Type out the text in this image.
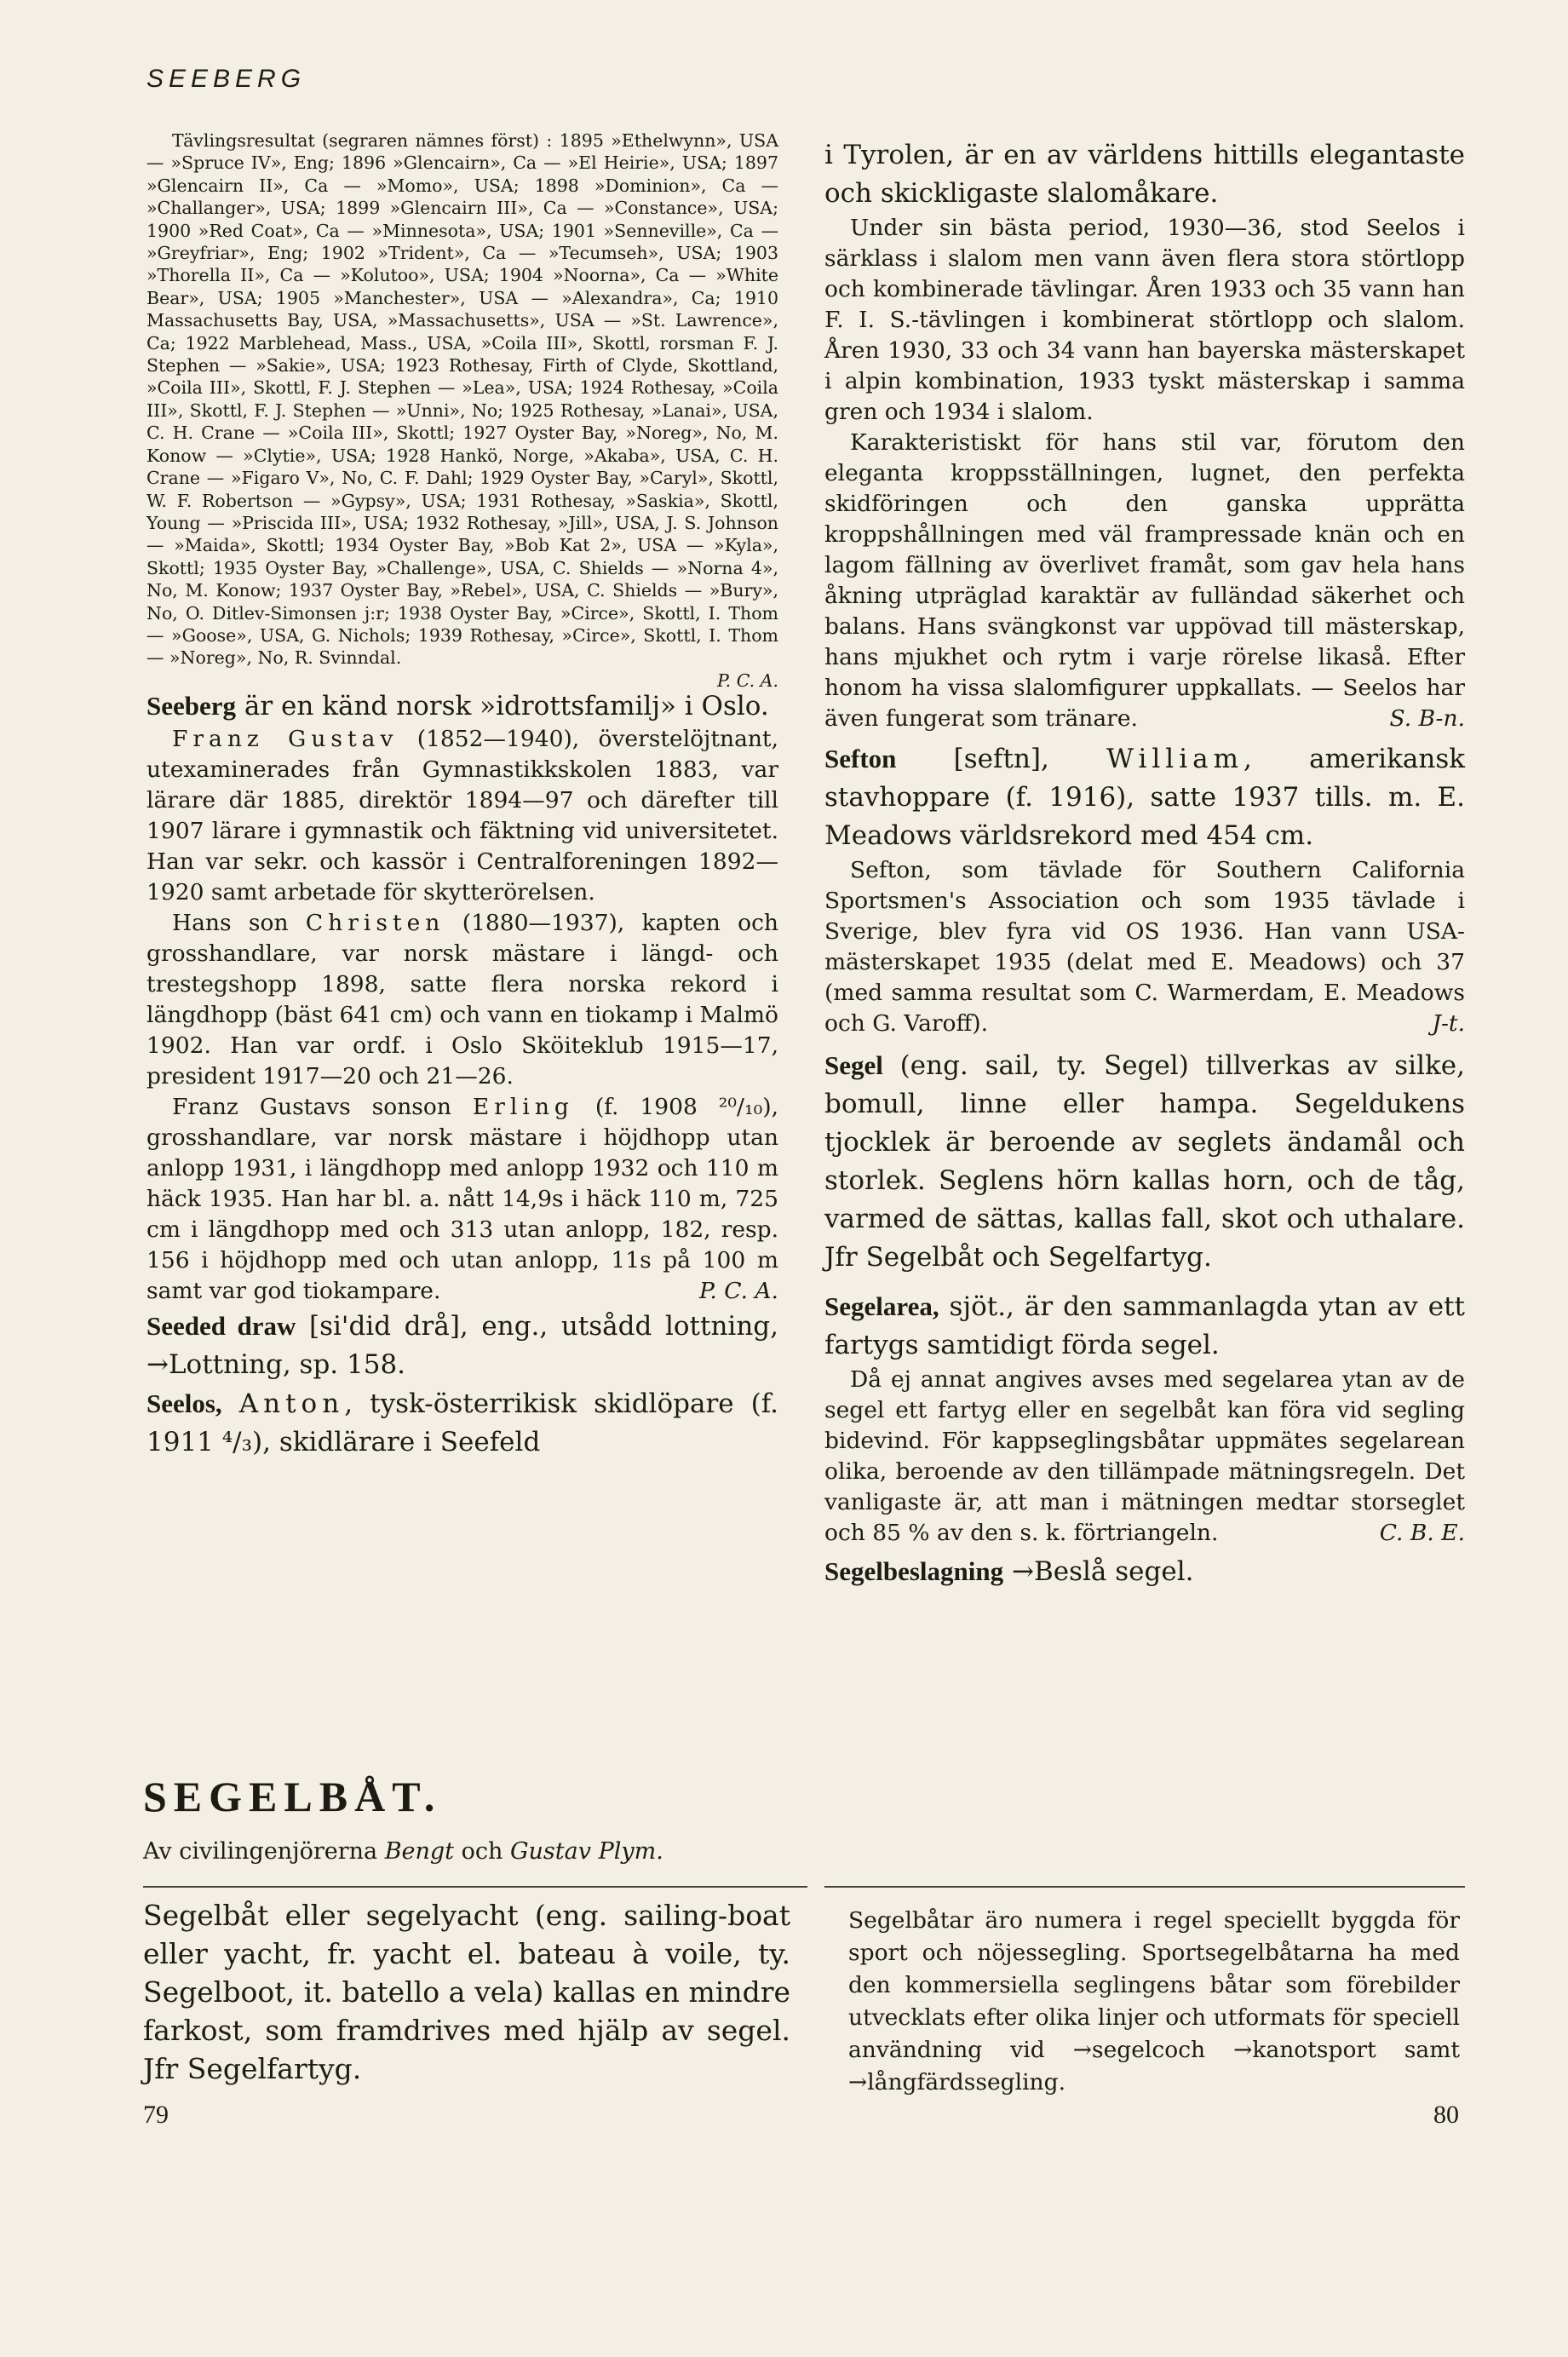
SEEBERG

Tävlingsresultat (segraren nämnes först) : 1895 »Ethelwynn», USA — »Spruce IV», Eng; 1896 »Glencairn», Ca — »El Heirie», USA; 1897 »Glencairn II», Ca — »Momo», USA; 1898 »Dominion», Ca — »Challanger», USA; 1899 »Glencairn III», Ca — »Constance», USA; 1900 »Red Coat», Ca — »Minnesota», USA; 1901 »Senneville», Ca — »Greyfriar», Eng; 1902 »Trident», Ca — »Tecumseh», USA; 1903 »Thorella II», Ca — »Kolutoo», USA; 1904 »Noorna», Ca — »White Bear», USA; 1905 »Manchester», USA — »Alexandra», Ca; 1910 Massachusetts Bay, USA, »Massachusetts», USA — »St. Lawrence», Ca; 1922 Marblehead, Mass., USA, »Coila III», Skottl, rorsman F. J. Stephen — »Sakie», USA; 1923 Rothesay, Firth of Clyde, Skottland, »Coila III», Skottl, F. J. Stephen — »Lea», USA; 1924 Rothesay, »Coila III», Skottl, F. J. Stephen — »Unni», No; 1925 Rothesay, »Lanai», USA, C. H. Crane — »Coila III», Skottl; 1927 Oyster Bay, »Noreg», No, M. Konow — »Clytie», USA; 1928 Hankö, Norge, »Akaba», USA, C. H. Crane — »Figaro V», No, C. F. Dahl; 1929 Oyster Bay, »Caryl», Skottl, W. F. Robertson — »Gypsy», USA; 1931 Rothesay, »Saskia», Skottl, Young — »Priscida III», USA; 1932 Rothesay, »Jill», USA, J. S. Johnson — »Maida», Skottl; 1934 Oyster Bay, »Bob Kat 2», USA — »Kyla», Skottl; 1935 Oyster Bay, »Challenge», USA, C. Shields — »Norna 4», No, M. Konow; 1937 Oyster Bay, »Rebel», USA, C. Shields — »Bury», No, O. Ditlev-Simonsen j:r; 1938 Oyster Bay, »Circe», Skottl, I. Thom — »Goose», USA, G. Nichols; 1939 Rothesay, »Circe», Skottl, I. Thom — »Noreg», No, R. Svinndal.
P. C. A.

Seeberg är en känd norsk »idrottsfamilj» i Oslo.

Franz Gustav (1852—1940), överstelöjtnant, utexaminerades från Gymnastikkskolen 1883, var lärare där 1885, direktör 1894—97 och därefter till 1907 lärare i gymnastik och fäktning vid universitetet. Han var sekr. och kassör i Centralforeningen 1892—1920 samt arbetade för skytterörelsen.

Hans son Christen (1880—1937), kapten och grosshandlare, var norsk mästare i längd- och trestegshopp 1898, satte flera norska rekord i längdhopp (bäst 641 cm) och vann en tiokamp i Malmö 1902. Han var ordf. i Oslo Sköiteklub 1915—17, president 1917—20 och 21—26.

Franz Gustavs sonson Erling (f. 1908 ²⁰/₁₀), grosshandlare, var norsk mästare i höjdhopp utan anlopp 1931, i längdhopp med anlopp 1932 och 110 m häck 1935. Han har bl. a. nått 14,9s i häck 110 m, 725 cm i längdhopp med och 313 utan anlopp, 182, resp. 156 i höjdhopp med och utan anlopp, 11s på 100 m samt var god tiokampare.	P. C. A.

Seeded draw [si'did drå], eng., utsådd lottning, →Lottning, sp. 158.

Seelos, Anton, tysk-österrikisk skidlöpare (f. 1911 ⁴/₃), skidlärare i Seefeld

i Tyrolen, är en av världens hittills elegantaste och skickligaste slalomåkare.

Under sin bästa period, 1930—36, stod Seelos i särklass i slalom men vann även flera stora störtlopp och kombinerade tävlingar. Åren 1933 och 35 vann han F. I. S.-tävlingen i kombinerat störtlopp och slalom. Åren 1930, 33 och 34 vann han bayerska mästerskapet i alpin kombination, 1933 tyskt mästerskap i samma gren och 1934 i slalom.

Karakteristiskt för hans stil var, förutom den eleganta kroppsställningen, lugnet, den perfekta skidföringen och den ganska upprätta kroppshållningen med väl frampressade knän och en lagom fällning av överlivet framåt, som gav hela hans åkning utpräglad karaktär av fulländad säkerhet och balans. Hans svängkonst var uppövad till mästerskap, hans mjukhet och rytm i varje rörelse likaså. Efter honom ha vissa slalomfigurer uppkallats. — Seelos har även fungerat som tränare.	S. B-n.

Sefton [seftn], William, amerikansk stavhoppare (f. 1916), satte 1937 tills. m. E. Meadows världsrekord med 454 cm.

Sefton, som tävlade för Southern California Sportsmen's Association och som 1935 tävlade i Sverige, blev fyra vid OS 1936. Han vann USA-mästerskapet 1935 (delat med E. Meadows) och 37 (med samma resultat som C. Warmerdam, E. Meadows och G. Varoff).	J-t.

Segel (eng. sail, ty. Segel) tillverkas av silke, bomull, linne eller hampa. Segeldukens tjocklek är beroende av seglets ändamål och storlek. Seglens hörn kallas horn, och de tåg, varmed de sättas, kallas fall, skot och uthalare. Jfr Segelbåt och Segelfartyg.

Segelarea, sjöt., är den sammanlagda ytan av ett fartygs samtidigt förda segel.

Då ej annat angives avses med segelarea ytan av de segel ett fartyg eller en segelbåt kan föra vid segling bidevind. För kappseglingsbåtar uppmätes segelarean olika, beroende av den tillämpade mätningsregeln. Det vanligaste är, att man i mätningen medtar storseglet och 85 % av den s. k. förtriangeln.	C. B. E.

Segelbeslagning →Beslå segel.

SEGELBÅT.
Av civilingenjörerna Bengt och Gustav Plym.

Segelbåt eller segelyacht (eng. sailing-boat eller yacht, fr. yacht el. bateau à voile, ty. Segelboot, it. batello a vela) kallas en mindre farkost, som framdrives med hjälp av segel. Jfr Segelfartyg.

Segelbåtar äro numera i regel speciellt byggda för sport och nöjessegling. Sportsegelbåtarna ha med den kommersiella seglingens båtar som förebilder utvecklats efter olika linjer och utformats för speciell användning vid →segelcoch →kanotsport samt →långfärdssegling.

79	80
